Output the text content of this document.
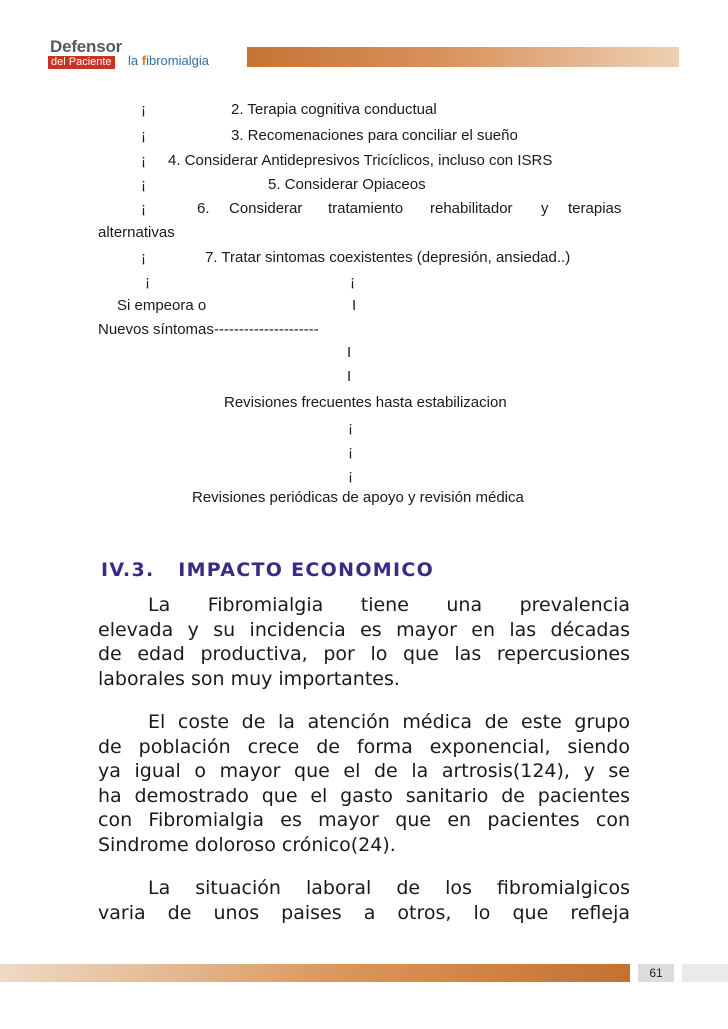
Defensor
del Paciente la fibromialgia
¡	2. Terapia cognitiva conductual
¡	3. Recomenaciones para conciliar el sueño
¡ 4. Considerar Antidepresivos Tricíclicos, incluso con ISRS
¡	5. Considerar Opiaceos
¡	6. Considerar tratamiento rehabilitador y terapias
alternativas
¡	7. Tratar sintomas coexistentes (depresión, ansiedad..)
¡	¡
Si empeora o	I
Nuevos síntomas---------------------
I
I
Revisiones frecuentes hasta estabilizacion
¡
¡
¡
Revisiones periódicas de apoyo y revisión médica
IV.3.   IMPACTO ECONOMICO
La Fibromialgia tiene una prevalencia
elevada y su incidencia es mayor en las décadas
de edad productiva, por lo que las repercusiones
laborales son muy importantes.
El coste de la atención médica de este grupo
de población crece de forma exponencial, siendo
ya igual o mayor que el de la artrosis(124), y se
ha demostrado que el gasto sanitario de pacientes
con Fibromialgia es mayor que en pacientes con
Sindrome doloroso crónico(24).
La situación laboral de los fibromialgicos
varia de unos paises a otros, lo que refleja
61
